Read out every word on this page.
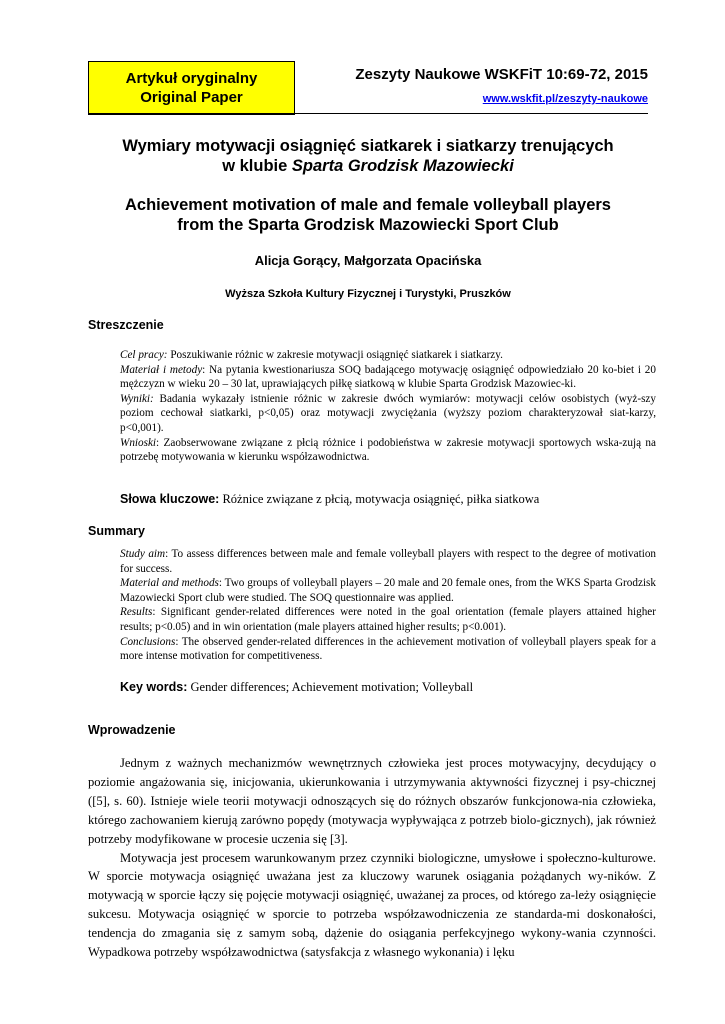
Artykuł oryginalny
Original Paper
Zeszyty Naukowe WSKFiT 10:69-72, 2015
www.wskfit.pl/zeszyty-naukowe
Wymiary motywacji osiągnięć siatkarek i siatkarzy trenujących
w klubie Sparta Grodzisk Mazowiecki
Achievement motivation of male and female volleyball players
from the Sparta Grodzisk Mazowiecki Sport Club
Alicja Gorący, Małgorzata Opacińska
Wyższa Szkoła Kultury Fizycznej i Turystyki, Pruszków
Streszczenie

Cel pracy: Poszukiwanie różnic w zakresie motywacji osiągnięć siatkarek i siatkarzy.

Materiał i metody: Na pytania kwestionariusza SOQ badającego motywację osiągnięć odpowiedziało 20 ko-biet i 20 mężczyzn w wieku 20 – 30 lat, uprawiających piłkę siatkową w klubie Sparta Grodzisk Mazowiec-ki.

Wyniki: Badania wykazały istnienie różnic w zakresie dwóch wymiarów: motywacji celów osobistych (wyż-szy poziom cechował siatkarki, p<0,05) oraz motywacji zwyciężania (wyższy poziom charakteryzował siat-karzy, p<0,001).

Wnioski: Zaobserwowane związane z płcią różnice i podobieństwa w zakresie motywacji sportowych wska-zują na potrzebę motywowania w kierunku współzawodnictwa.

Słowa kluczowe: Różnice związane z płcią, motywacja osiągnięć, piłka siatkowa
Summary

Study aim: To assess differences between male and female volleyball players with respect to the degree of motivation for success.

Material and methods: Two groups of volleyball players – 20 male and 20 female ones, from the WKS Sparta Grodzisk Mazowiecki Sport club were studied. The SOQ questionnaire was applied.

Results: Significant gender-related differences were noted in the goal orientation (female players attained higher results; p<0.05) and in win orientation (male players attained higher results; p<0.001).

Conclusions: The observed gender-related differences in the achievement motivation of volleyball players speak for a more intense motivation for competitiveness.

Key words: Gender differences; Achievement motivation; Volleyball
Wprowadzenie

Jednym z ważnych mechanizmów wewnętrznych człowieka jest proces motywacyjny, decydujący o poziomie angażowania się, inicjowania, ukierunkowania i utrzymywania aktywności fizycznej i psy-chicznej ([5], s. 60). Istnieje wiele teorii motywacji odnoszących się do różnych obszarów funkcjonowa-nia człowieka, którego zachowaniem kierują zarówno popędy (motywacja wypływająca z potrzeb biolo-gicznych), jak również potrzeby modyfikowane w procesie uczenia się [3].

Motywacja jest procesem warunkowanym przez czynniki biologiczne, umysłowe i społeczno-kulturowe. W sporcie motywacja osiągnięć uważana jest za kluczowy warunek osiągania pożądanych wy-ników. Z motywacją w sporcie łączy się pojęcie motywacji osiągnięć, uważanej za proces, od którego za-leży osiągnięcie sukcesu. Motywacja osiągnięć w sporcie to potrzeba współzawodniczenia ze standarda-mi doskonałości, tendencja do zmagania się z samym sobą, dążenie do osiągania perfekcyjnego wykony-wania czynności. Wypadkowa potrzeby współzawodnictwa (satysfakcja z własnego wykonania) i lęku
